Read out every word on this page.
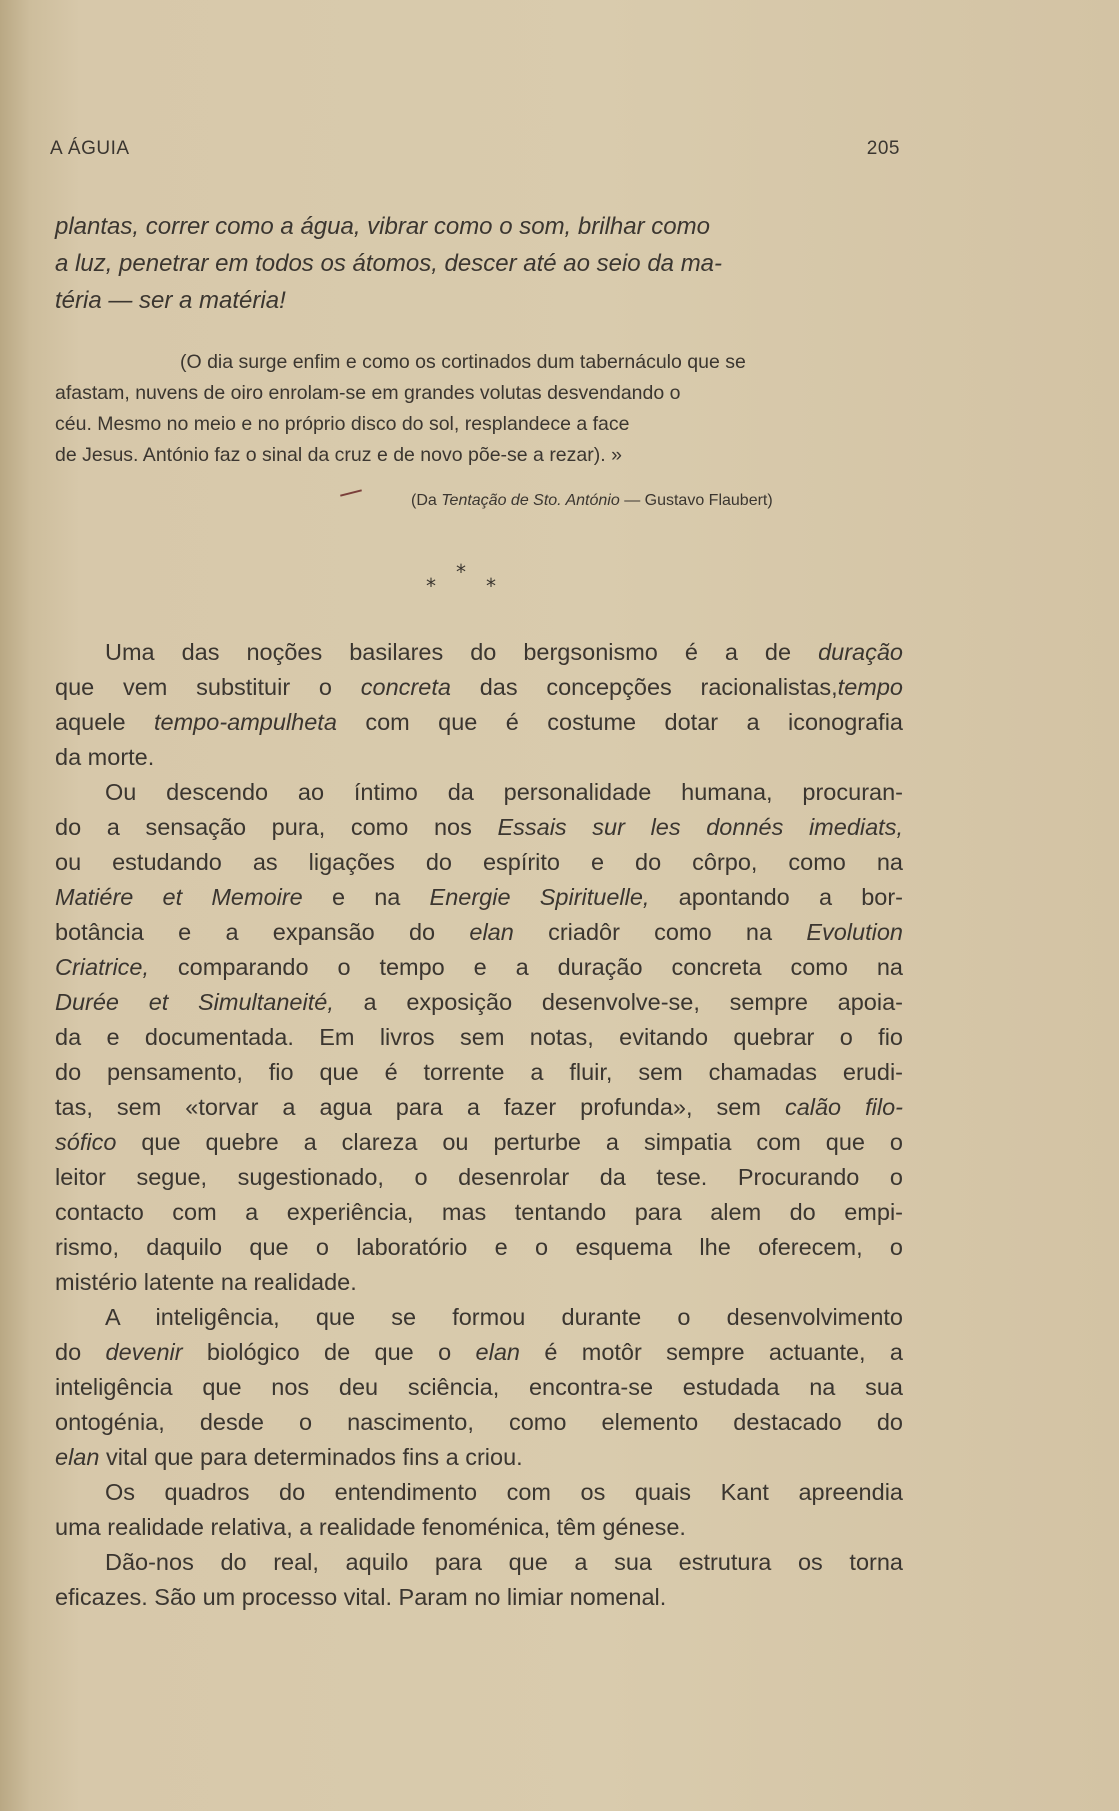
A ÁGUIA	205
plantas, correr como a água, vibrar como o som, brilhar como
a luz, penetrar em todos os átomos, descer até ao seio da ma-
téria — ser a matéria!
(O dia surge enfim e como os cortinados dum tabernáculo que se
afastam, nuvens de oiro enrolam-se em grandes volutas desvendando o
céu. Mesmo no meio e no próprio disco do sol, resplandece a face
de Jesus. António faz o sinal da cruz e de novo põe-se a rezar). »
(Da Tentação de Sto. António — Gustavo Flaubert)
*
*	*
Uma das noções basilares do bergsonismo é a de duração
que vem substituir o concreta das concepções racionalistas,tempo
aquele tempo-ampulheta com que é costume dotar a iconografia
da morte.
Ou descendo ao íntimo da personalidade humana, procuran-
do a sensação pura, como nos Essais sur les donnés imediats,
ou estudando as ligações do espírito e do côrpo, como na
Matiére et Memoire e na Energie Spirituelle, apontando a bor-
botância e a expansão do elan criadôr como na Evolution
Criatrice, comparando o tempo e a duração concreta como na
Durée et Simultaneité, a exposição desenvolve-se, sempre apoia-
da e documentada. Em livros sem notas, evitando quebrar o fio
do pensamento, fio que é torrente a fluir, sem chamadas erudi-
tas, sem «torvar a agua para a fazer profunda», sem calão filo-
sófico que quebre a clareza ou perturbe a simpatia com que o
leitor segue, sugestionado, o desenrolar da tese. Procurando o
contacto com a experiência, mas tentando para alem do empi-
rismo, daquilo que o laboratório e o esquema lhe oferecem, o
mistério latente na realidade.
A inteligência, que se formou durante o desenvolvimento
do devenir biológico de que o elan é motôr sempre actuante, a
inteligência que nos deu sciência, encontra-se estudada na sua
ontogénia, desde o nascimento, como elemento destacado do
elan vital que para determinados fins a criou.
Os quadros do entendimento com os quais Kant apreendia
uma realidade relativa, a realidade fenoménica, têm génese.
Dão-nos do real, aquilo para que a sua estrutura os torna
eficazes. São um processo vital. Param no limiar nomenal.
